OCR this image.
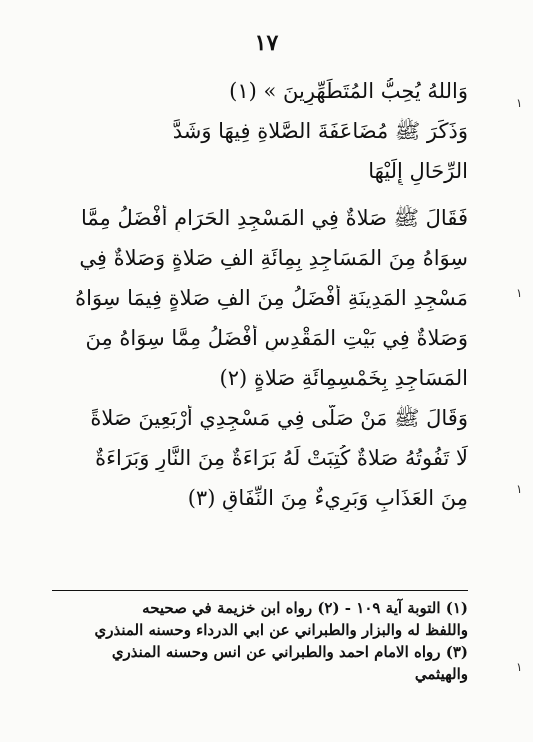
١٧
وَاللهُ يُحِبُّ المُتَطَهِّرِينَ » (١)
وَذَكَرَ ﷺ مُضَاعَفَةَ الصَّلاةِ فِيهَا وَشَدَّ
الرِّحَالِ إِلَيْهَا
فَقَالَ ﷺ صَلاةٌ فِي المَسْجِدِ الحَرَامِ أَفْضَلُ مِمَّا
سِوَاهُ مِنَ المَسَاجِدِ بِمِائَةِ الفِ صَلاةٍ وَصَلاةٌ فِي
مَسْجِدِ المَدِينَةِ أَفْضَلُ مِنَ الفِ صَلاةٍ فِيمَا سِوَاهُ
وَصَلاةٌ فِي بَيْتِ المَقْدِسِ أَفْضَلُ مِمَّا سِوَاهُ مِنَ
المَسَاجِدِ بِخَمْسِمِائَةِ صَلاةٍ (٢)
وَقَالَ ﷺ مَنْ صَلَّى فِي مَسْجِدِي أَرْبَعِينَ صَلاةً
لَا تَفُوتُهُ صَلاةٌ كُتِبَتْ لَهُ بَرَاءَةٌ مِنَ النَّارِ وَبَرَاءَةٌ
مِنَ العَذَابِ وَبَرِيءٌ مِنَ النِّفَاقِ (٣)
(١) التوبة آية ١٠٩ - (٢) رواه ابن خزيمة في صحيحه
واللفظ له والبزار والطبراني عن ابي الدرداء وحسنه المنذري
(٣) رواه الامام احمد والطبراني عن انس وحسنه المنذري
والهيثمي
١
١
١
١
